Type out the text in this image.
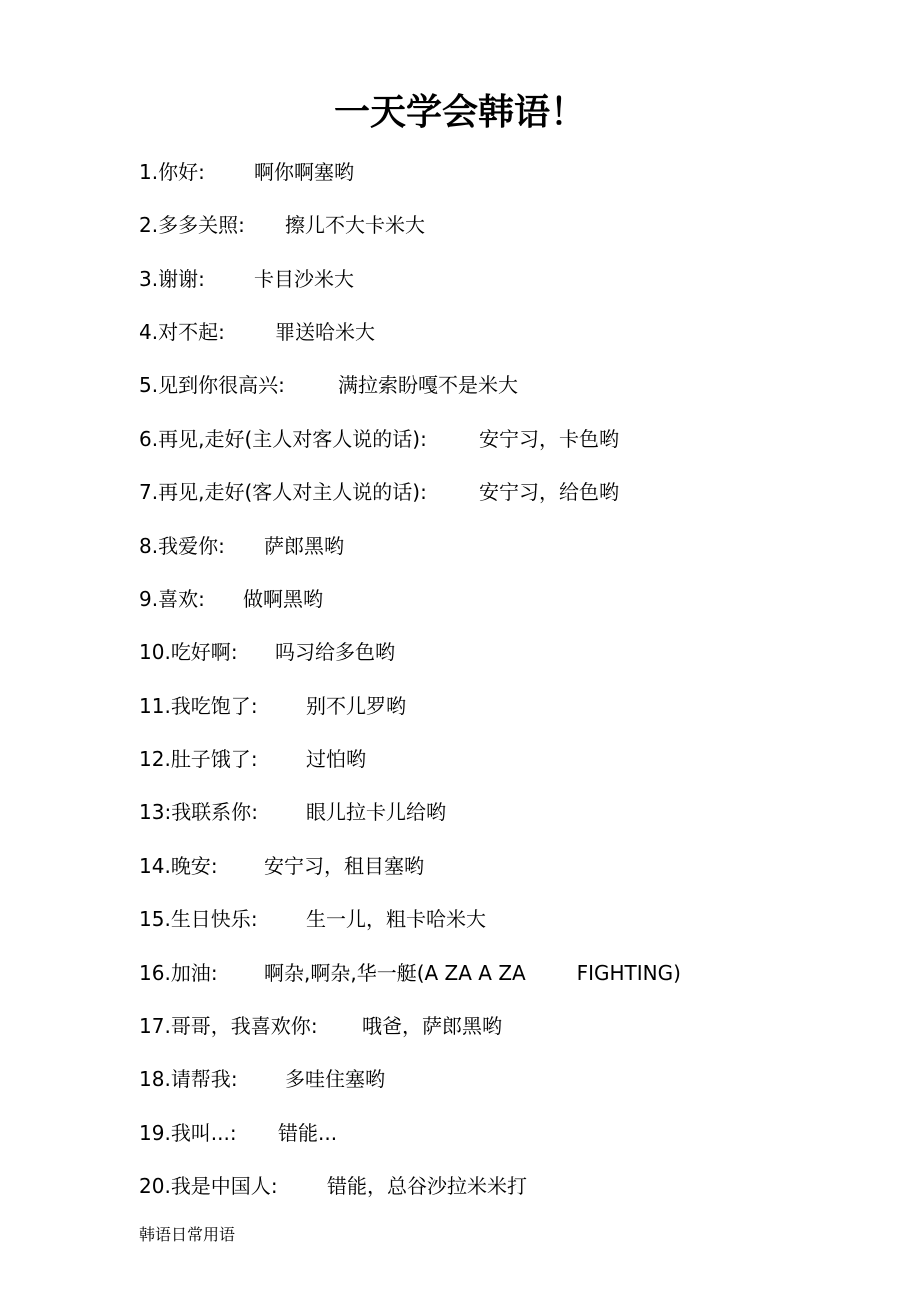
一天学会韩语！
1.你好: 啊你啊塞哟
2.多多关照: 擦儿不大卡米大
3.谢谢: 卡目沙米大
4.对不起:	罪送哈米大
5.见到你很高兴:	满拉索盼嘎不是米大
6.再见,走好(主人对客人说的话):	安宁习，卡色哟
7.再见,走好(客人对主人说的话):	安宁习，给色哟
8.我爱你: 萨郎黑哟
9.喜欢: 做啊黑哟
10.吃好啊: 吗习给多色哟
11.我吃饱了: 别不儿罗哟
12.肚子饿了: 过怕哟
13:我联系你: 眼儿拉卡儿给哟
14.晚安: 安宁习，租目塞哟
15.生日快乐: 生一儿，粗卡哈米大
16.加油: 啊杂,啊杂,华一艇(A ZA A ZA        FIGHTING)
17.哥哥，我喜欢你: 哦爸，萨郎黑哟
18.请帮我: 多哇住塞哟
19.我叫...: 错能...
20.我是中国人: 错能，总谷沙拉米米打
韩语日常用语
